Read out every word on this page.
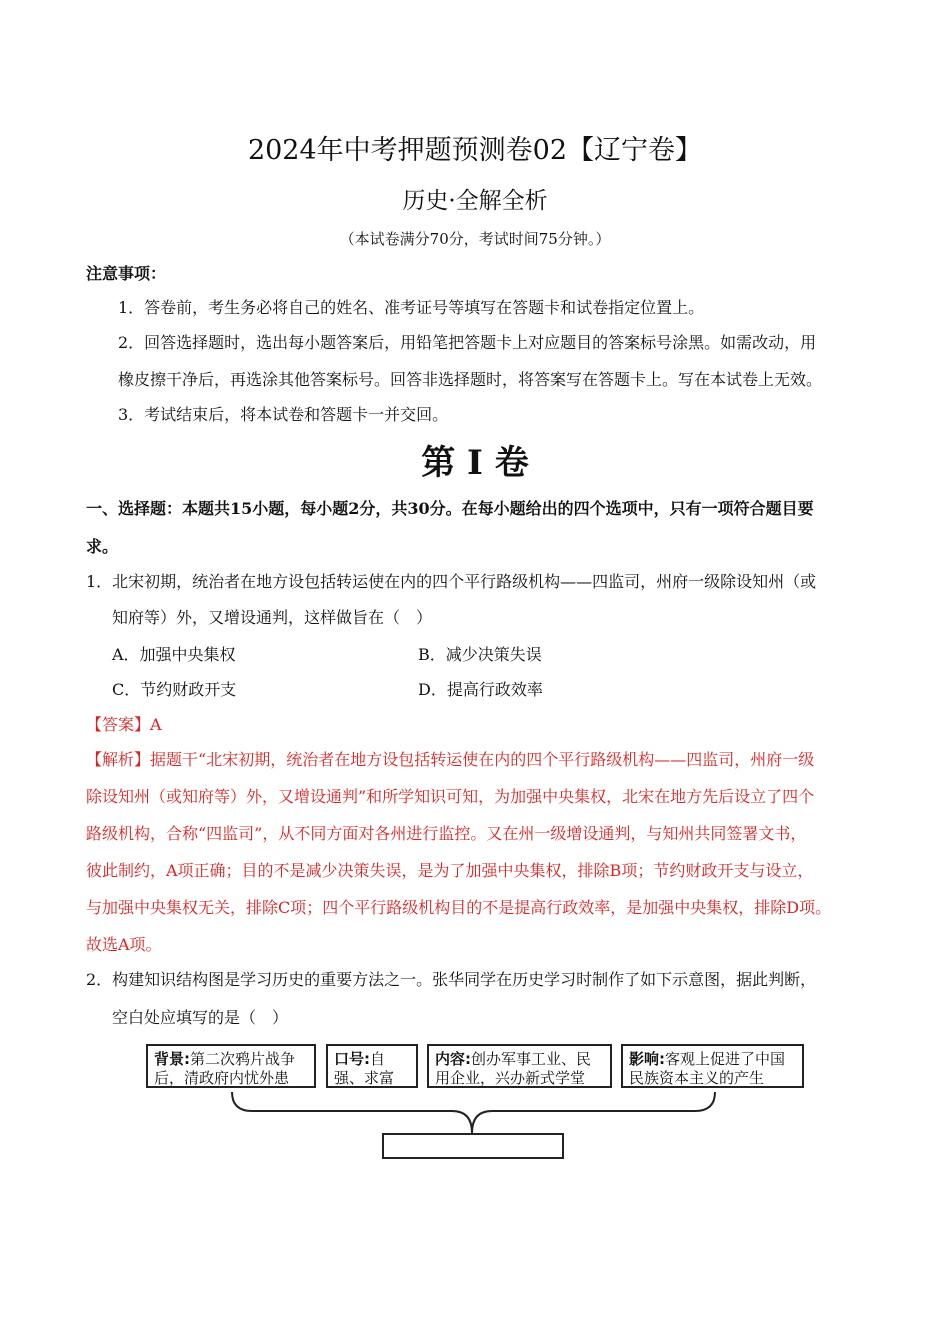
2024年中考押题预测卷02【辽宁卷】
历史·全解全析
（本试卷满分70分，考试时间75分钟。）
注意事项：
1．答卷前，考生务必将自己的姓名、准考证号等填写在答题卡和试卷指定位置上。
2．回答选择题时，选出每小题答案后，用铅笔把答题卡上对应题目的答案标号涂黑。如需改动，用
橡皮擦干净后，再选涂其他答案标号。回答非选择题时，将答案写在答题卡上。写在本试卷上无效。
3．考试结束后，将本试卷和答题卡一并交回。
第 I 卷
一、选择题：本题共15小题，每小题2分，共30分。在每小题给出的四个选项中，只有一项符合题目要
求。
1．北宋初期，统治者在地方设包括转运使在内的四个平行路级机构——四监司，州府一级除设知州（或
知府等）外，又增设通判，这样做旨在（　）
A．加强中央集权	B．减少决策失误
C．节约财政开支	D．提高行政效率
【答案】A
【解析】据题干“北宋初期，统治者在地方设包括转运使在内的四个平行路级机构——四监司，州府一级
除设知州（或知府等）外，又增设通判”和所学知识可知，为加强中央集权，北宋在地方先后设立了四个
路级机构，合称“四监司”，从不同方面对各州进行监控。又在州一级增设通判，与知州共同签署文书，
彼此制约，A项正确；目的不是减少决策失误，是为了加强中央集权，排除B项；节约财政开支与设立，
与加强中央集权无关，排除C项；四个平行路级机构目的不是提高行政效率，是加强中央集权，排除D项。
故选A项。
2．构建知识结构图是学习历史的重要方法之一。张华同学在历史学习时制作了如下示意图，据此判断，
空白处应填写的是（　）
背景:第二次鸦片战争后，清政府内忧外患
口号:自强、求富
内容:创办军事工业、民用企业，兴办新式学堂
影响:客观上促进了中国民族资本主义的产生
